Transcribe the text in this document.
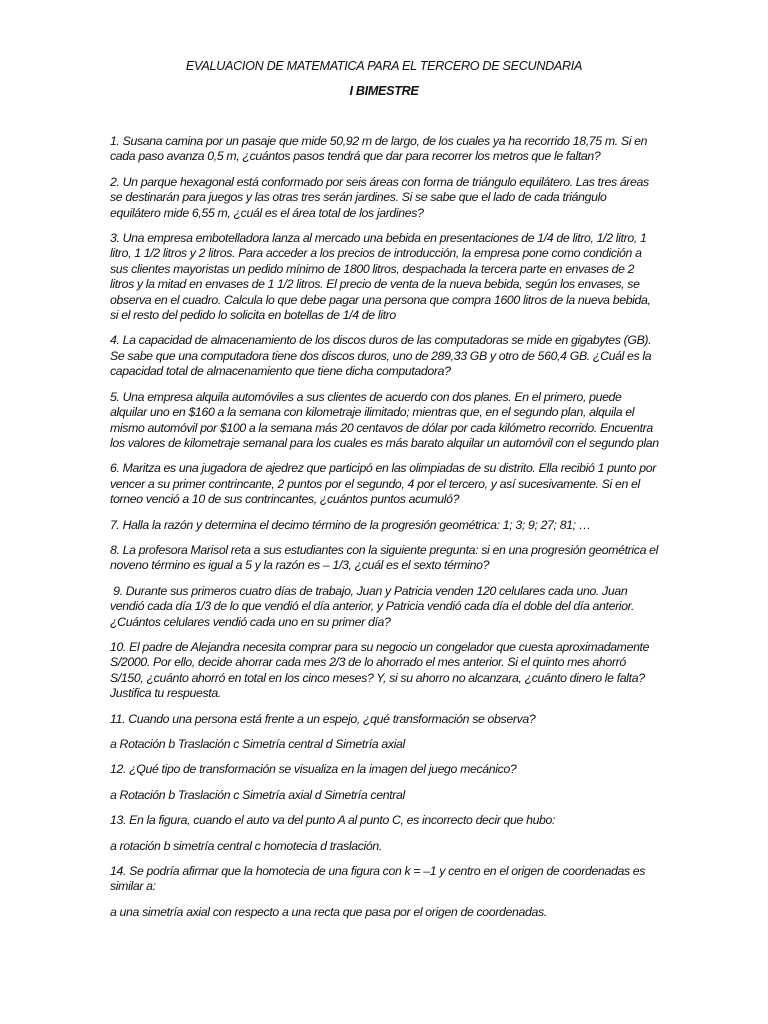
EVALUACION DE MATEMATICA PARA EL TERCERO DE SECUNDARIA

I BIMESTRE

1. Susana camina por un pasaje que mide 50,92 m de largo, de los cuales ya ha recorrido 18,75 m. Si en cada paso avanza 0,5 m, ¿cuántos pasos tendrá que dar para recorrer los metros que le faltan?

2. Un parque hexagonal está conformado por seis áreas con forma de triángulo equilátero. Las tres áreas se destinarán para juegos y las otras tres serán jardines. Si se sabe que el lado de cada triángulo equilátero mide 6,55 m, ¿cuál es el área total de los jardines?

3. Una empresa embotelladora lanza al mercado una bebida en presentaciones de 1/4 de litro, 1/2 litro, 1 litro, 1 1/2 litros y 2 litros. Para acceder a los precios de introducción, la empresa pone como condición a sus clientes mayoristas un pedido mínimo de 1800 litros, despachada la tercera parte en envases de 2 litros y la mitad en envases de 1 1/2 litros. El precio de venta de la nueva bebida, según los envases, se observa en el cuadro. Calcula lo que debe pagar una persona que compra 1600 litros de la nueva bebida, si el resto del pedido lo solicita en botellas de 1/4 de litro

4. La capacidad de almacenamiento de los discos duros de las computadoras se mide en gigabytes (GB). Se sabe que una computadora tiene dos discos duros, uno de 289,33 GB y otro de 560,4 GB. ¿Cuál es la capacidad total de almacenamiento que tiene dicha computadora?

5. Una empresa alquila automóviles a sus clientes de acuerdo con dos planes. En el primero, puede alquilar uno en $160 a la semana con kilometraje ilimitado; mientras que, en el segundo plan, alquila el mismo automóvil por $100 a la semana más 20 centavos de dólar por cada kilómetro recorrido. Encuentra los valores de kilometraje semanal para los cuales es más barato alquilar un automóvil con el segundo plan

6. Maritza es una jugadora de ajedrez que participó en las olimpiadas de su distrito. Ella recibió 1 punto por vencer a su primer contrincante, 2 puntos por el segundo, 4 por el tercero, y así sucesivamente. Si en el torneo venció a 10 de sus contrincantes, ¿cuántos puntos acumuló?

7. Halla la razón y determina el decimo término de la progresión geométrica: 1; 3; 9; 27; 81; …

8. La profesora Marisol reta a sus estudiantes con la siguiente pregunta: si en una progresión geométrica el noveno término es igual a 5 y la razón es – 1/3, ¿cuál es el sexto término?

9. Durante sus primeros cuatro días de trabajo, Juan y Patricia venden 120 celulares cada uno. Juan vendió cada día 1/3 de lo que vendió el día anterior, y Patricia vendió cada día el doble del día anterior. ¿Cuántos celulares vendió cada uno en su primer día?

10. El padre de Alejandra necesita comprar para su negocio un congelador que cuesta aproximadamente S/2000. Por ello, decide ahorrar cada mes 2/3 de lo ahorrado el mes anterior. Si el quinto mes ahorró S/150, ¿cuánto ahorró en total en los cinco meses? Y, si su ahorro no alcanzara, ¿cuánto dinero le falta? Justifica tu respuesta.

11. Cuando una persona está frente a un espejo, ¿qué transformación se observa?

a Rotación b Traslación c Simetría central d Simetría axial

12. ¿Qué tipo de transformación se visualiza en la imagen del juego mecánico?

a Rotación b Traslación c Simetría axial d Simetría central

13. En la figura, cuando el auto va del punto A al punto C, es incorrecto decir que hubo:

a rotación b simetría central c homotecia d traslación.

14. Se podría afirmar que la homotecia de una figura con k = –1 y centro en el origen de coordenadas es similar a:

a una simetría axial con respecto a una recta que pasa por el origen de coordenadas.
